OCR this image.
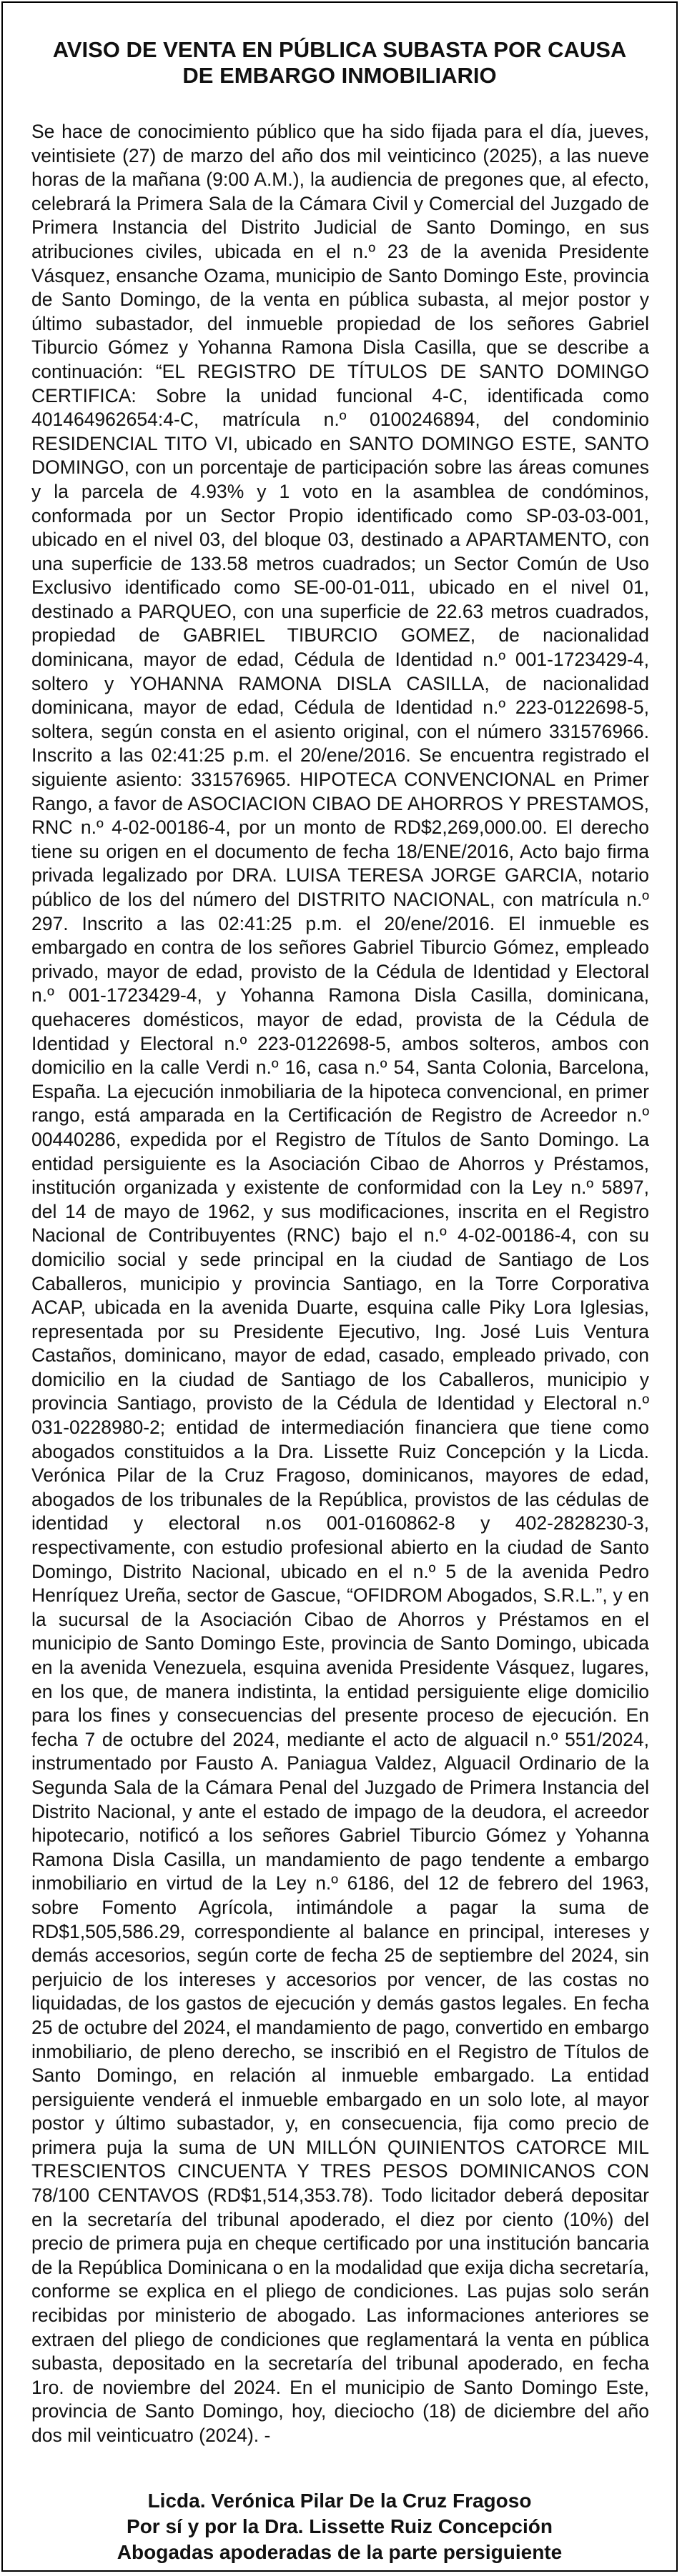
AVISO DE VENTA EN PÚBLICA SUBASTA POR CAUSA
DE EMBARGO INMOBILIARIO
Se hace de conocimiento público que ha sido fijada para el día, jueves, veintisiete (27) de marzo del año dos mil veinticinco (2025), a las nueve horas de la mañana (9:00 A.M.), la audiencia de pregones que, al efecto, celebrará la Primera Sala de la Cámara Civil y Comercial del Juzgado de Primera Instancia del Distrito Judicial de Santo Domingo, en sus atribuciones civiles, ubicada en el n.º 23 de la avenida Presidente Vásquez, ensanche Ozama, municipio de Santo Domingo Este, provincia de Santo Domingo, de la venta en pública subasta, al mejor postor y último subastador, del inmueble propiedad de los señores Gabriel Tiburcio Gómez y Yohanna Ramona Disla Casilla, que se describe a continuación: “EL REGISTRO DE TÍTULOS DE SANTO DOMINGO CERTIFICA: Sobre la unidad funcional 4-C, identificada como 401464962654:4-C, matrícula n.º 0100246894, del condominio RESIDENCIAL TITO VI, ubicado en SANTO DOMINGO ESTE, SANTO DOMINGO, con un porcentaje de participación sobre las áreas comunes y la parcela de 4.93% y 1 voto en la asamblea de condóminos, conformada por un Sector Propio identificado como SP-03-03-001, ubicado en el nivel 03, del bloque 03, destinado a APARTAMENTO, con una superficie de 133.58 metros cuadrados; un Sector Común de Uso Exclusivo identificado como SE-00-01-011, ubicado en el nivel 01, destinado a PARQUEO, con una superficie de 22.63 metros cuadrados, propiedad de GABRIEL TIBURCIO GOMEZ, de nacionalidad dominicana, mayor de edad, Cédula de Identidad n.º 001-1723429-4, soltero y YOHANNA RAMONA DISLA CASILLA, de nacionalidad dominicana, mayor de edad, Cédula de Identidad n.º 223-0122698-5, soltera, según consta en el asiento original, con el número 331576966. Inscrito a las 02:41:25 p.m. el 20/ene/2016. Se encuentra registrado el siguiente asiento: 331576965. HIPOTECA CONVENCIONAL en Primer Rango, a favor de ASOCIACION CIBAO DE AHORROS Y PRESTAMOS, RNC n.º 4-02-00186-4, por un monto de RD$2,269,000.00. El derecho tiene su origen en el documento de fecha 18/ENE/2016, Acto bajo firma privada legalizado por DRA. LUISA TERESA JORGE GARCIA, notario público de los del número del DISTRITO NACIONAL, con matrícula n.º 297. Inscrito a las 02:41:25 p.m. el 20/ene/2016. El inmueble es embargado en contra de los señores Gabriel Tiburcio Gómez, empleado privado, mayor de edad, provisto de la Cédula de Identidad y Electoral n.º 001-1723429-4, y Yohanna Ramona Disla Casilla, dominicana, quehaceres domésticos, mayor de edad, provista de la Cédula de Identidad y Electoral n.º 223-0122698-5, ambos solteros, ambos con domicilio en la calle Verdi n.º 16, casa n.º 54, Santa Colonia, Barcelona, España. La ejecución inmobiliaria de la hipoteca convencional, en primer rango, está amparada en la Certificación de Registro de Acreedor n.º 00440286, expedida por el Registro de Títulos de Santo Domingo. La entidad persiguiente es la Asociación Cibao de Ahorros y Préstamos, institución organizada y existente de conformidad con la Ley n.º 5897, del 14 de mayo de 1962, y sus modificaciones, inscrita en el Registro Nacional de Contribuyentes (RNC) bajo el n.º 4-02-00186-4, con su domicilio social y sede principal en la ciudad de Santiago de Los Caballeros, municipio y provincia Santiago, en la Torre Corporativa ACAP, ubicada en la avenida Duarte, esquina calle Piky Lora Iglesias, representada por su Presidente Ejecutivo, Ing. José Luis Ventura Castaños, dominicano, mayor de edad, casado, empleado privado, con domicilio en la ciudad de Santiago de los Caballeros, municipio y provincia Santiago, provisto de la Cédula de Identidad y Electoral n.º 031-0228980-2; entidad de intermediación financiera que tiene como abogados constituidos a la Dra. Lissette Ruiz Concepción y la Licda. Verónica Pilar de la Cruz Fragoso, dominicanos, mayores de edad, abogados de los tribunales de la República, provistos de las cédulas de identidad y electoral n.os 001-0160862-8 y 402-2828230-3, respectivamente, con estudio profesional abierto en la ciudad de Santo Domingo, Distrito Nacional, ubicado en el n.º 5 de la avenida Pedro Henríquez Ureña, sector de Gascue, “OFIDROM Abogados, S.R.L.”, y en la sucursal de la Asociación Cibao de Ahorros y Préstamos en el municipio de Santo Domingo Este, provincia de Santo Domingo, ubicada en la avenida Venezuela, esquina avenida Presidente Vásquez, lugares, en los que, de manera indistinta, la entidad persiguiente elige domicilio para los fines y consecuencias del presente proceso de ejecución. En fecha 7 de octubre del 2024, mediante el acto de alguacil n.º 551/2024, instrumentado por Fausto A. Paniagua Valdez, Alguacil Ordinario de la Segunda Sala de la Cámara Penal del Juzgado de Primera Instancia del Distrito Nacional, y ante el estado de impago de la deudora, el acreedor hipotecario, notificó a los señores Gabriel Tiburcio Gómez y Yohanna Ramona Disla Casilla, un mandamiento de pago tendente a embargo inmobiliario en virtud de la Ley n.º 6186, del 12 de febrero del 1963, sobre Fomento Agrícola, intimándole a pagar la suma de RD$1,505,586.29, correspondiente al balance en principal, intereses y demás accesorios, según corte de fecha 25 de septiembre del 2024, sin perjuicio de los intereses y accesorios por vencer, de las costas no liquidadas, de los gastos de ejecución y demás gastos legales. En fecha 25 de octubre del 2024, el mandamiento de pago, convertido en embargo inmobiliario, de pleno derecho, se inscribió en el Registro de Títulos de Santo Domingo, en relación al inmueble embargado. La entidad persiguiente venderá el inmueble embargado en un solo lote, al mayor postor y último subastador, y, en consecuencia, fija como precio de primera puja la suma de UN MILLÓN QUINIENTOS CATORCE MIL TRESCIENTOS CINCUENTA Y TRES PESOS DOMINICANOS CON 78/100 CENTAVOS (RD$1,514,353.78). Todo licitador deberá depositar en la secretaría del tribunal apoderado, el diez por ciento (10%) del precio de primera puja en cheque certificado por una institución bancaria de la República Dominicana o en la modalidad que exija dicha secretaría, conforme se explica en el pliego de condiciones. Las pujas solo serán recibidas por ministerio de abogado. Las informaciones anteriores se extraen del pliego de condiciones que reglamentará la venta en pública subasta, depositado en la secretaría del tribunal apoderado, en fecha 1ro. de noviembre del 2024. En el municipio de Santo Domingo Este, provincia de Santo Domingo, hoy, dieciocho (18) de diciembre del año dos mil veinticuatro (2024). -
Licda. Verónica Pilar De la Cruz Fragoso
Por sí y por la Dra. Lissette Ruiz Concepción
Abogadas apoderadas de la parte persiguiente
